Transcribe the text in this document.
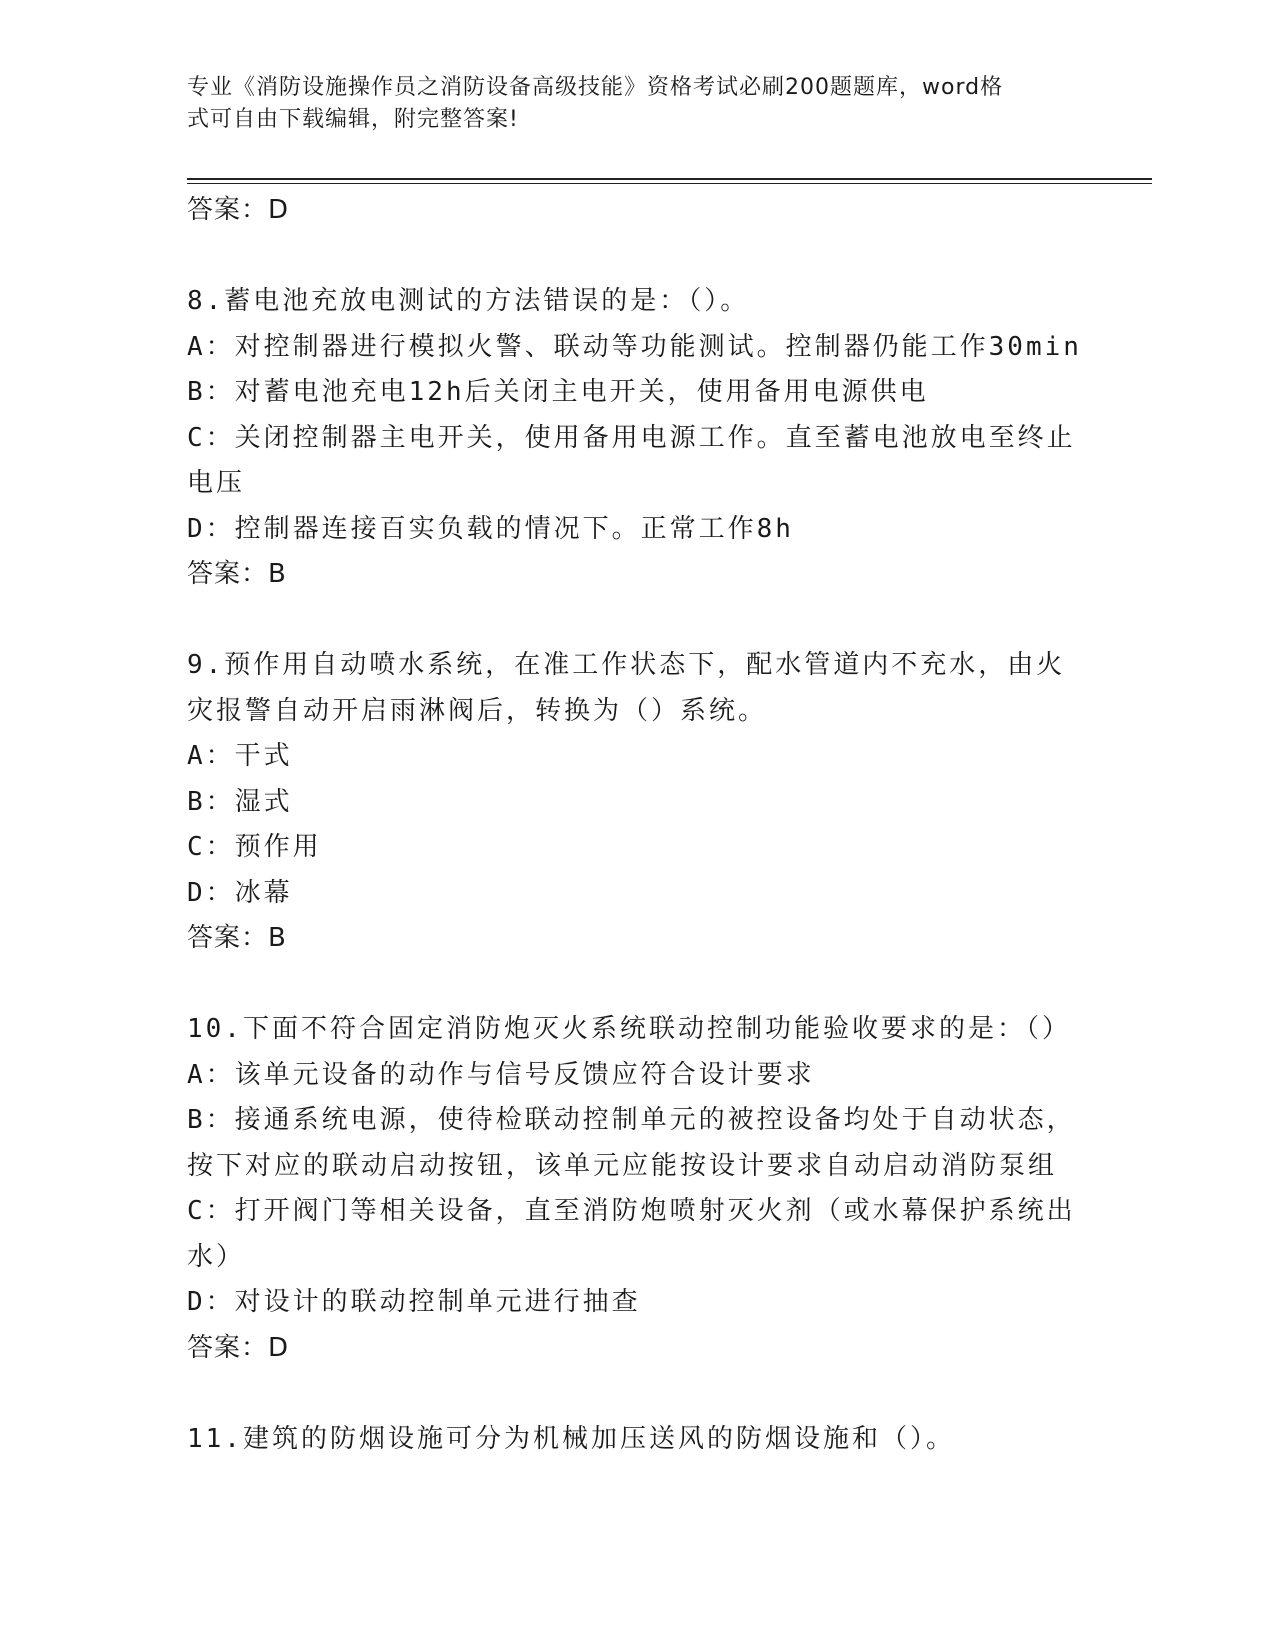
专业《消防设施操作员之消防设备高级技能》资格考试必刷200题题库，word格
式可自由下载编辑，附完整答案!
答案：D
8.蓄电池充放电测试的方法错误的是：（）。
A：对控制器进行模拟火警、联动等功能测试。控制器仍能工作30min
B：对蓄电池充电12h后关闭主电开关，使用备用电源供电
C：关闭控制器主电开关，使用备用电源工作。直至蓄电池放电至终止
电压
D：控制器连接百实负载的情况下。正常工作8h
答案：B
9.预作用自动喷水系统，在准工作状态下，配水管道内不充水，由火
灾报警自动开启雨淋阀后，转换为（）系统。
A：干式
B：湿式
C：预作用
D：冰幕
答案：B
10.下面不符合固定消防炮灭火系统联动控制功能验收要求的是：（）
A：该单元设备的动作与信号反馈应符合设计要求
B：接通系统电源，使待检联动控制单元的被控设备均处于自动状态，
按下对应的联动启动按钮，该单元应能按设计要求自动启动消防泵组
C：打开阀门等相关设备，直至消防炮喷射灭火剂（或水幕保护系统出
水）
D：对设计的联动控制单元进行抽查
答案：D
11.建筑的防烟设施可分为机械加压送风的防烟设施和（）。
